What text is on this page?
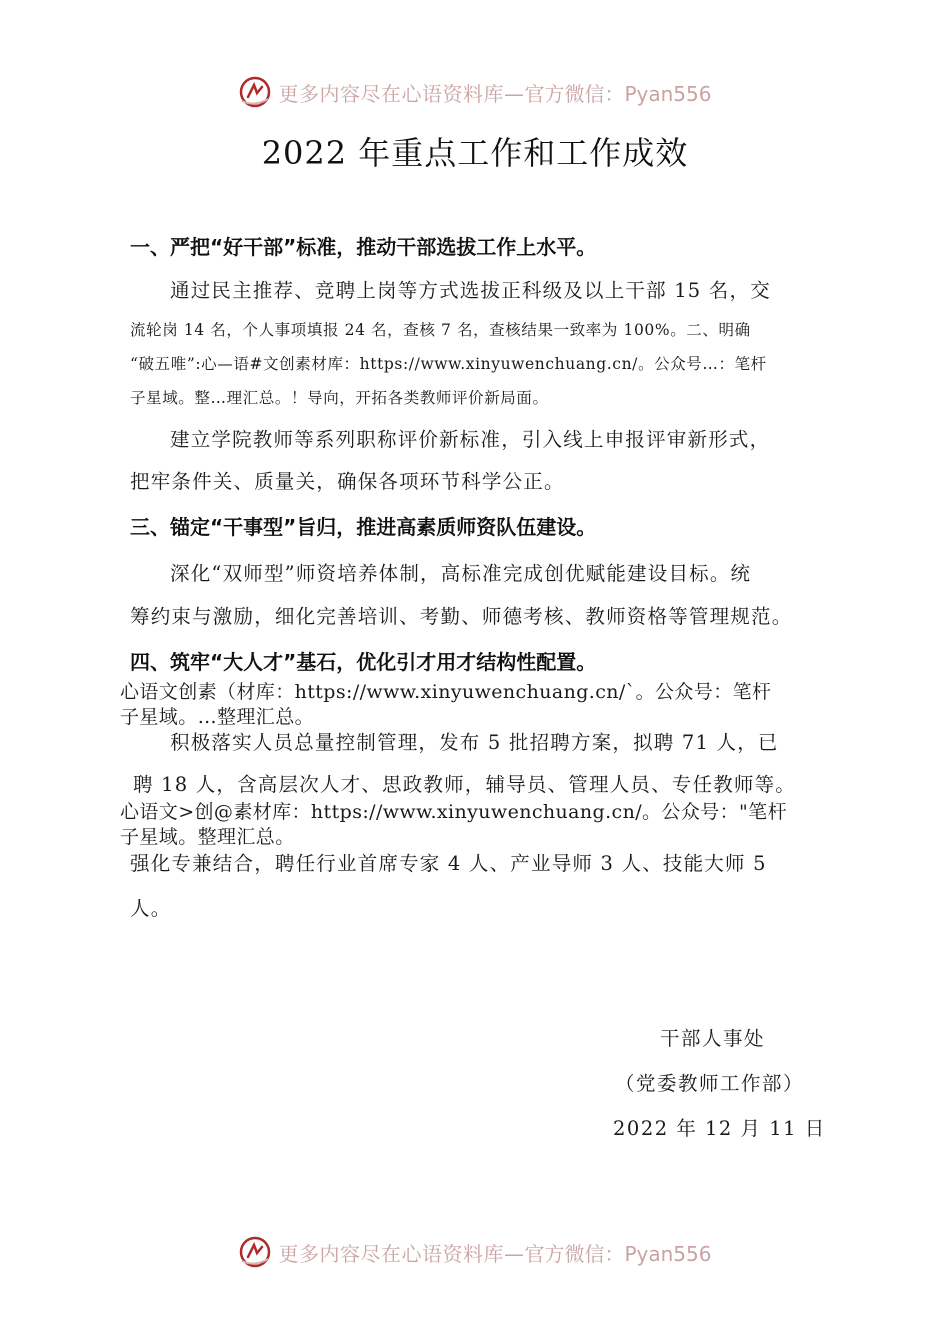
更多内容尽在心语资料库— 官方微信：Pyan556
2022 年重点工作和工作成效
一、严把“好干部”标准，推动干部选拔工作上水平。
通过民主推荐、竞聘上岗等方式选拔正科级及以上干部 15 名，交
流轮岗 14 名，个人事项填报 24 名，查核 7 名，查核结果一致率为 100%。二、明确
“破五唯”:心—语#文创素材库：https://www.xinyuwenchuang.cn/。公众号…：笔杆
子星域。整…理汇总。！导向，开拓各类教师评价新局面。
建立学院教师等系列职称评价新标准，引入线上申报评审新形式，
把牢条件关、质量关，确保各项环节科学公正。
三、锚定“干事型”旨归，推进高素质师资队伍建设。
深化“双师型”师资培养体制，高标准完成创优赋能建设目标。统
筹约束与激励，细化完善培训、考勤、师德考核、教师资格等管理规范。
四、筑牢“大人才”基石，优化引才用才结构性配置。
心语文创素（材库：https://www.xinyuwenchuang.cn/`。公众号：笔杆
子星域。…整理汇总。
积极落实人员总量控制管理，发布 5 批招聘方案，拟聘 71 人，已
聘 18 人，含高层次人才、思政教师，辅导员、管理人员、专任教师等。
心语文>创@素材库：https://www.xinyuwenchuang.cn/。公众号："笔杆
子星域。整理汇总。
强化专兼结合，聘任行业首席专家 4 人、产业导师 3 人、技能大师 5
人。
干部人事处
（党委教师工作部）
2022 年 12 月 11 日
更多内容尽在心语资料库— 官方微信：Pyan556
